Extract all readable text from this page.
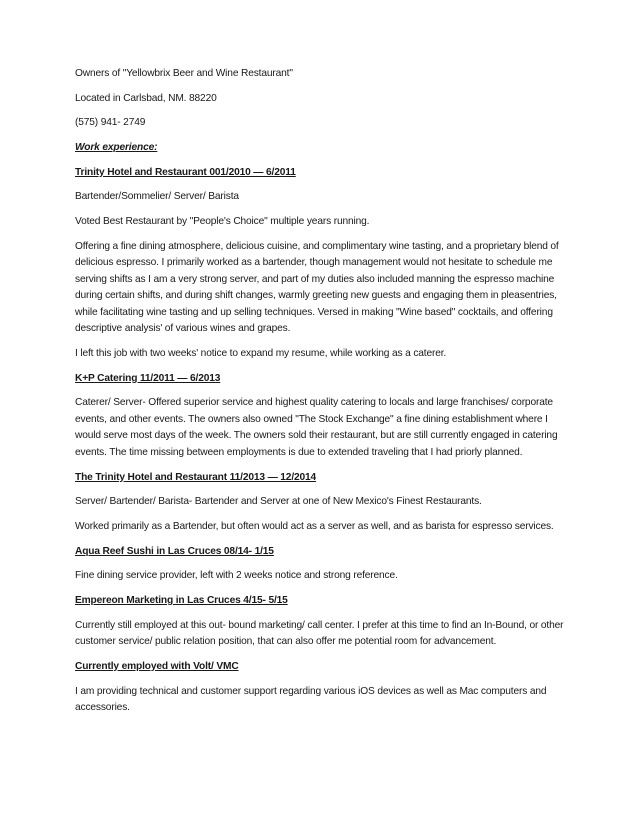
Owners of "Yellowbrix Beer and Wine Restaurant"

Located in Carlsbad, NM. 88220

(575) 941- 2749

Work experience:

Trinity Hotel and Restaurant 001/2010 — 6/2011

Bartender/Sommelier/ Server/ Barista

Voted Best Restaurant by "People's Choice" multiple years running.

Offering a fine dining atmosphere, delicious cuisine, and complimentary wine tasting, and a proprietary blend of delicious espresso. I primarily worked as a bartender, though management would not hesitate to schedule me serving shifts as I am a very strong server, and part of my duties also included manning the espresso machine during certain shifts, and during shift changes, warmly greeting new guests and engaging them in pleasentries, while facilitating wine tasting and up selling techniques. Versed in making "Wine based" cocktails, and offering descriptive analysis' of various wines and grapes.

I left this job with two weeks' notice to expand my resume, while working as a caterer.

K+P Catering 11/2011 — 6/2013

Caterer/ Server- Offered superior service and highest quality catering to locals and large franchises/ corporate events, and other events. The owners also owned "The Stock Exchange" a fine dining establishment where I would serve most days of the week. The owners sold their restaurant, but are still currently engaged in catering events. The time missing between employments is due to extended traveling that I had priorly planned.

The Trinity Hotel and Restaurant 11/2013 — 12/2014

Server/ Bartender/ Barista- Bartender and Server at one of New Mexico's Finest Restaurants.

Worked primarily as a Bartender, but often would act as a server as well, and as barista for espresso services.

Aqua Reef Sushi in Las Cruces 08/14- 1/15

Fine dining service provider, left with 2 weeks notice and strong reference.

Empereon Marketing in Las Cruces 4/15- 5/15

Currently still employed at this out- bound marketing/ call center. I prefer at this time to find an In-Bound, or other customer service/ public relation position, that can also offer me potential room for advancement.

Currently employed with Volt/ VMC

I am providing technical and customer support regarding various iOS devices as well as Mac computers and accessories.
